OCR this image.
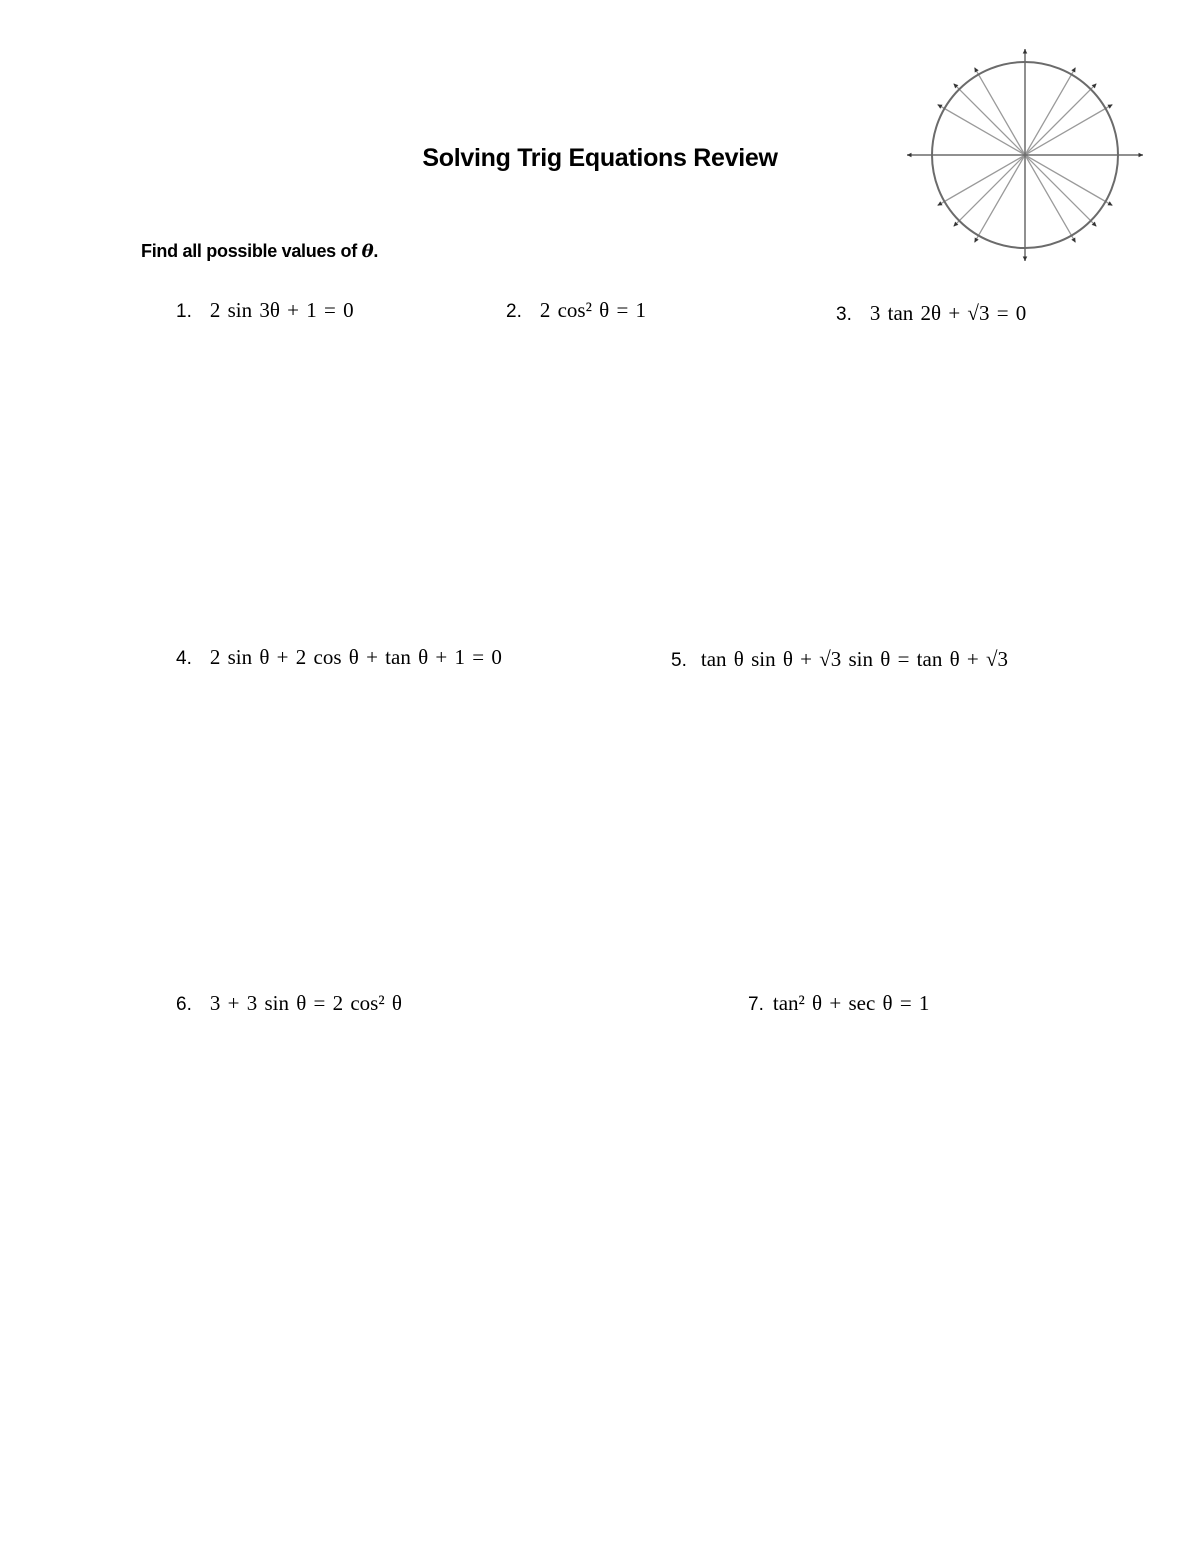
Solving Trig Equations Review
Find all possible values of θ.
1. 2 sin 3θ + 1 = 0	2. 2 cos² θ = 1	3. 3 tan 2θ + √3 = 0
4. 2 sin θ + 2 cos θ + tan θ + 1 = 0	5. tan θ sin θ + √3 sin θ = tan θ + √3
6. 3 + 3 sin θ = 2 cos² θ	7. tan² θ + sec θ = 1
